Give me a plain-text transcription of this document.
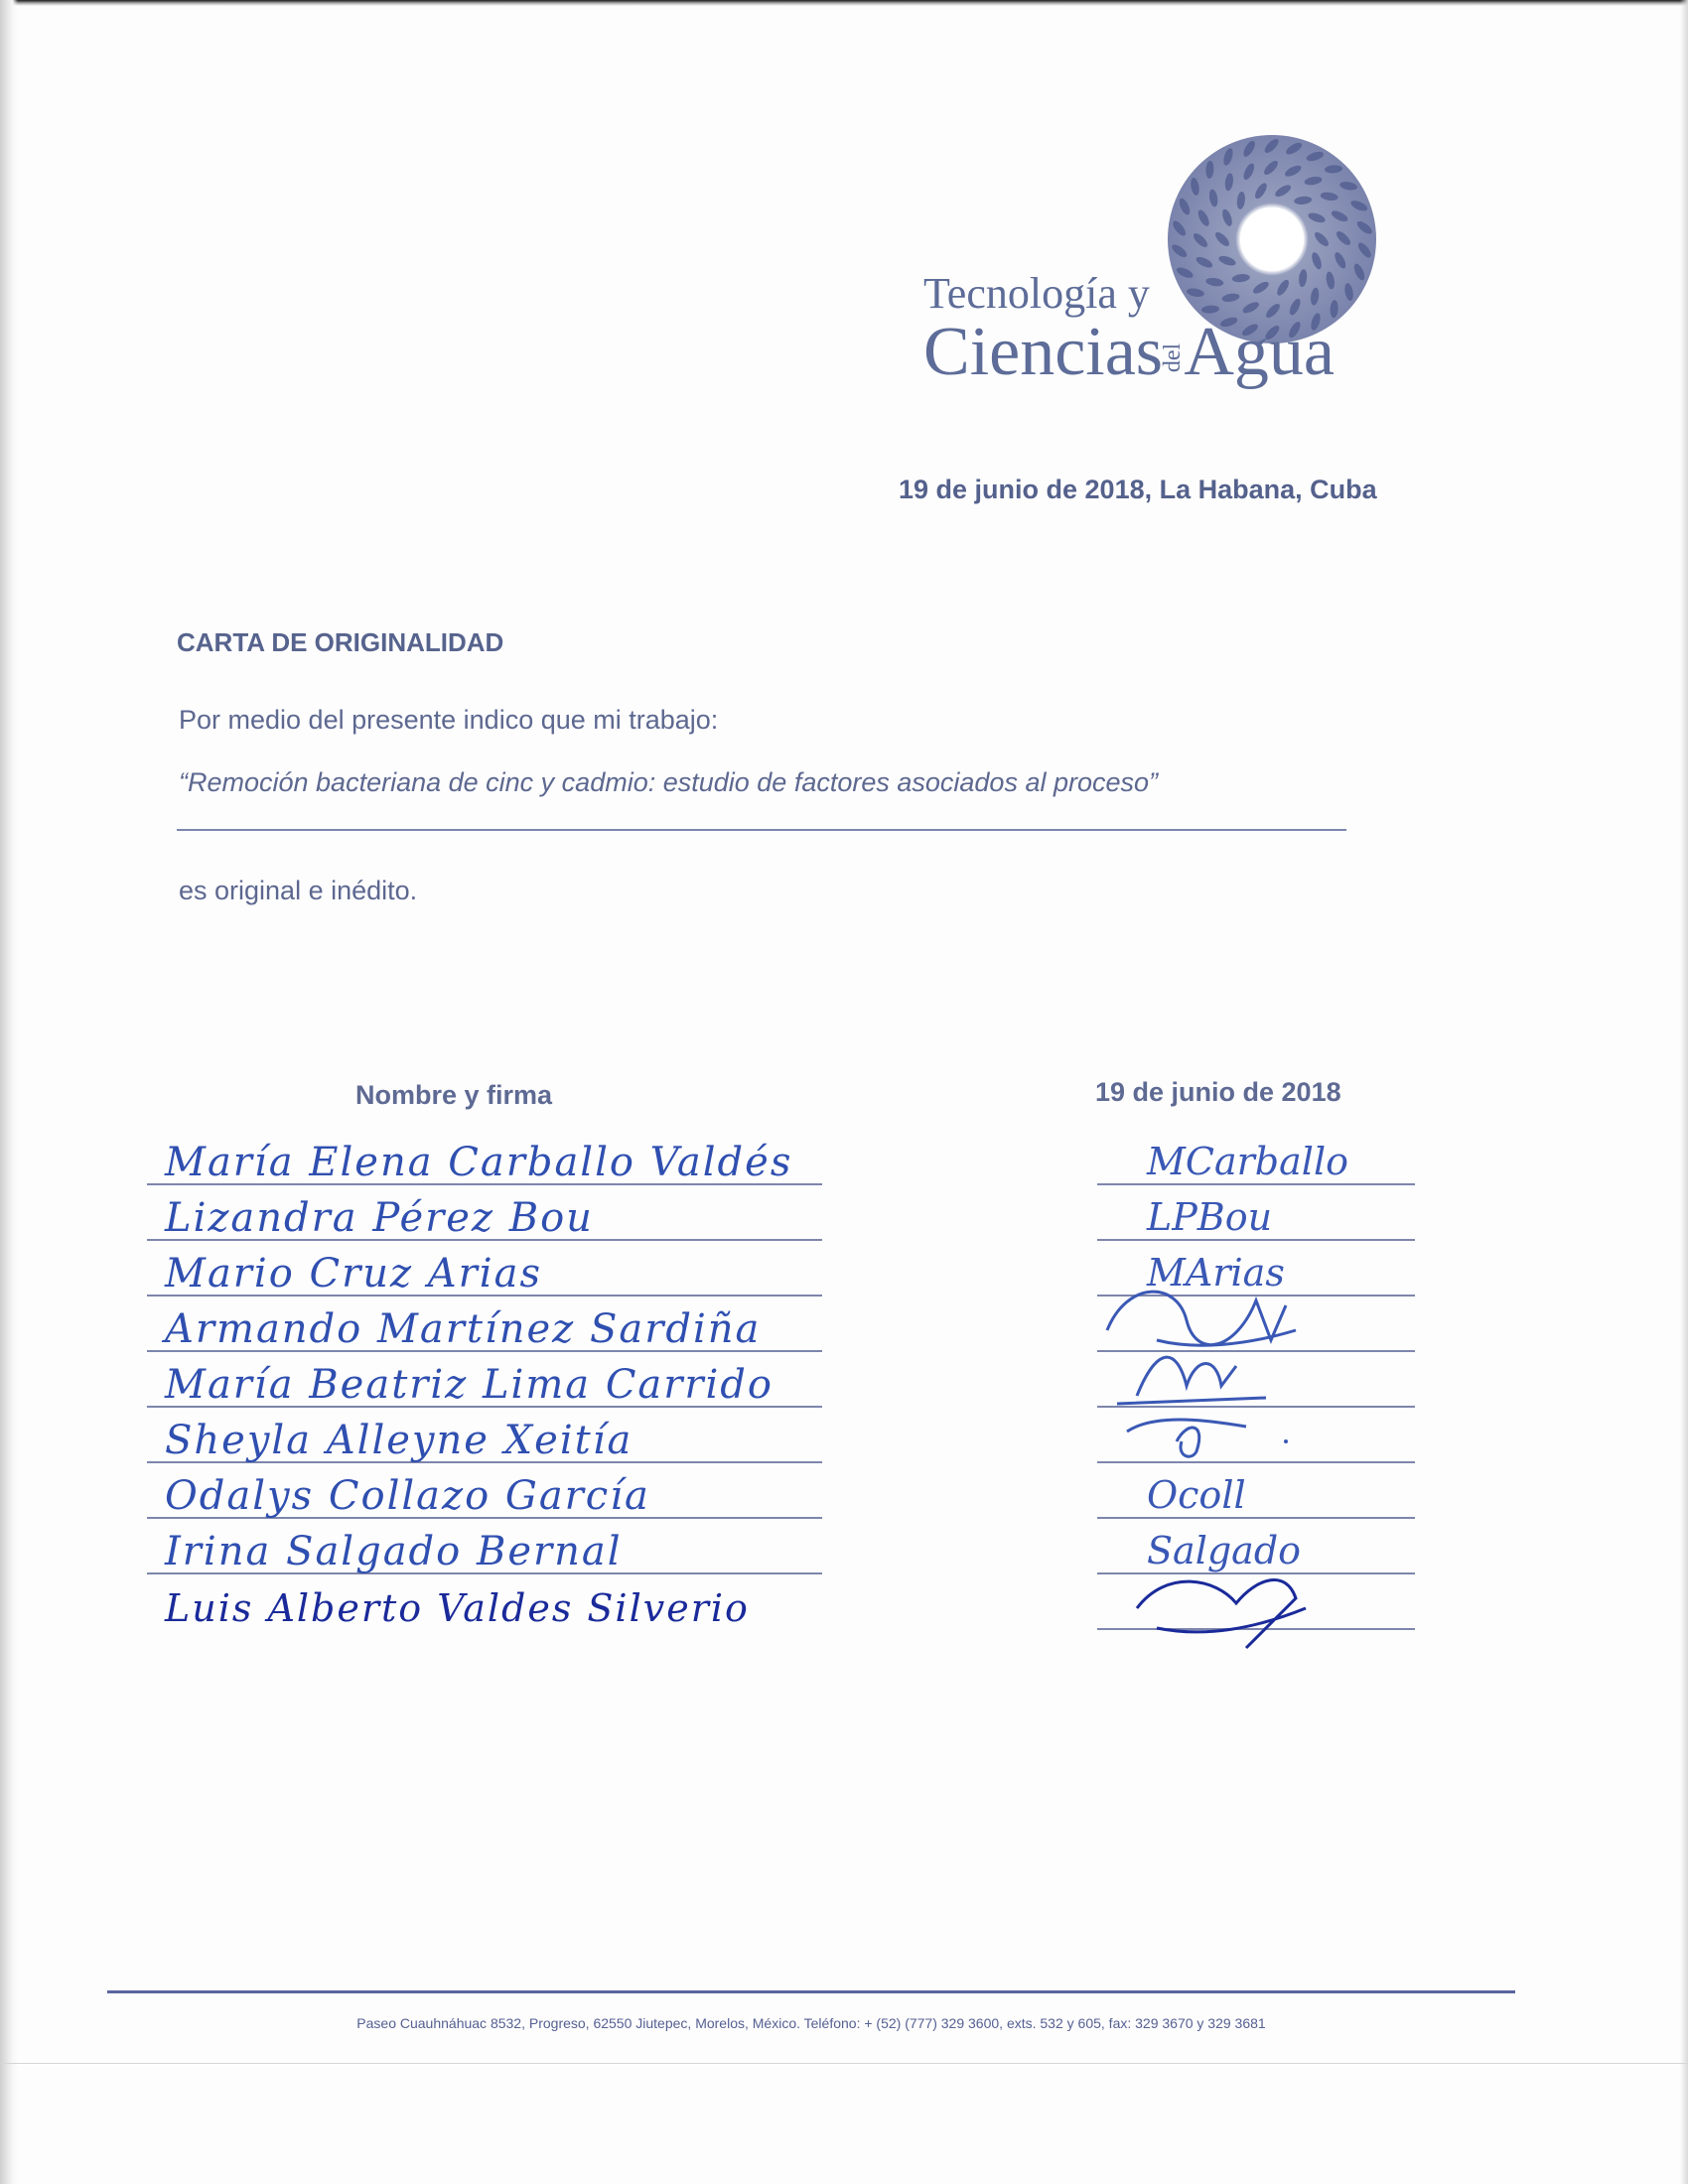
Tecnología y
CienciasdelAgua
19 de junio de 2018, La Habana, Cuba
CARTA DE ORIGINALIDAD
Por medio del presente indico que mi trabajo:
“Remoción bacteriana de cinc y cadmio: estudio de factores asociados al proceso”
es original e inédito.
Nombre y firma	19 de junio de 2018
María Elena Carballo Valdés
Lizandra Pérez Bou
Mario Cruz Arias
Armando Martínez Sardiña
María Beatriz Lima Carrido
Sheyla Alleyne Xeitía
Odalys Collazo García
Irina Salgado Bernal
Luis Alberto Valdes Silverio
MCarballo
LPBou
MArias
Ocoll
Salgado
Paseo Cuauhnáhuac 8532, Progreso, 62550 Jiutepec, Morelos, México. Teléfono: + (52) (777) 329 3600, exts. 532 y 605, fax: 329 3670 y 329 3681
